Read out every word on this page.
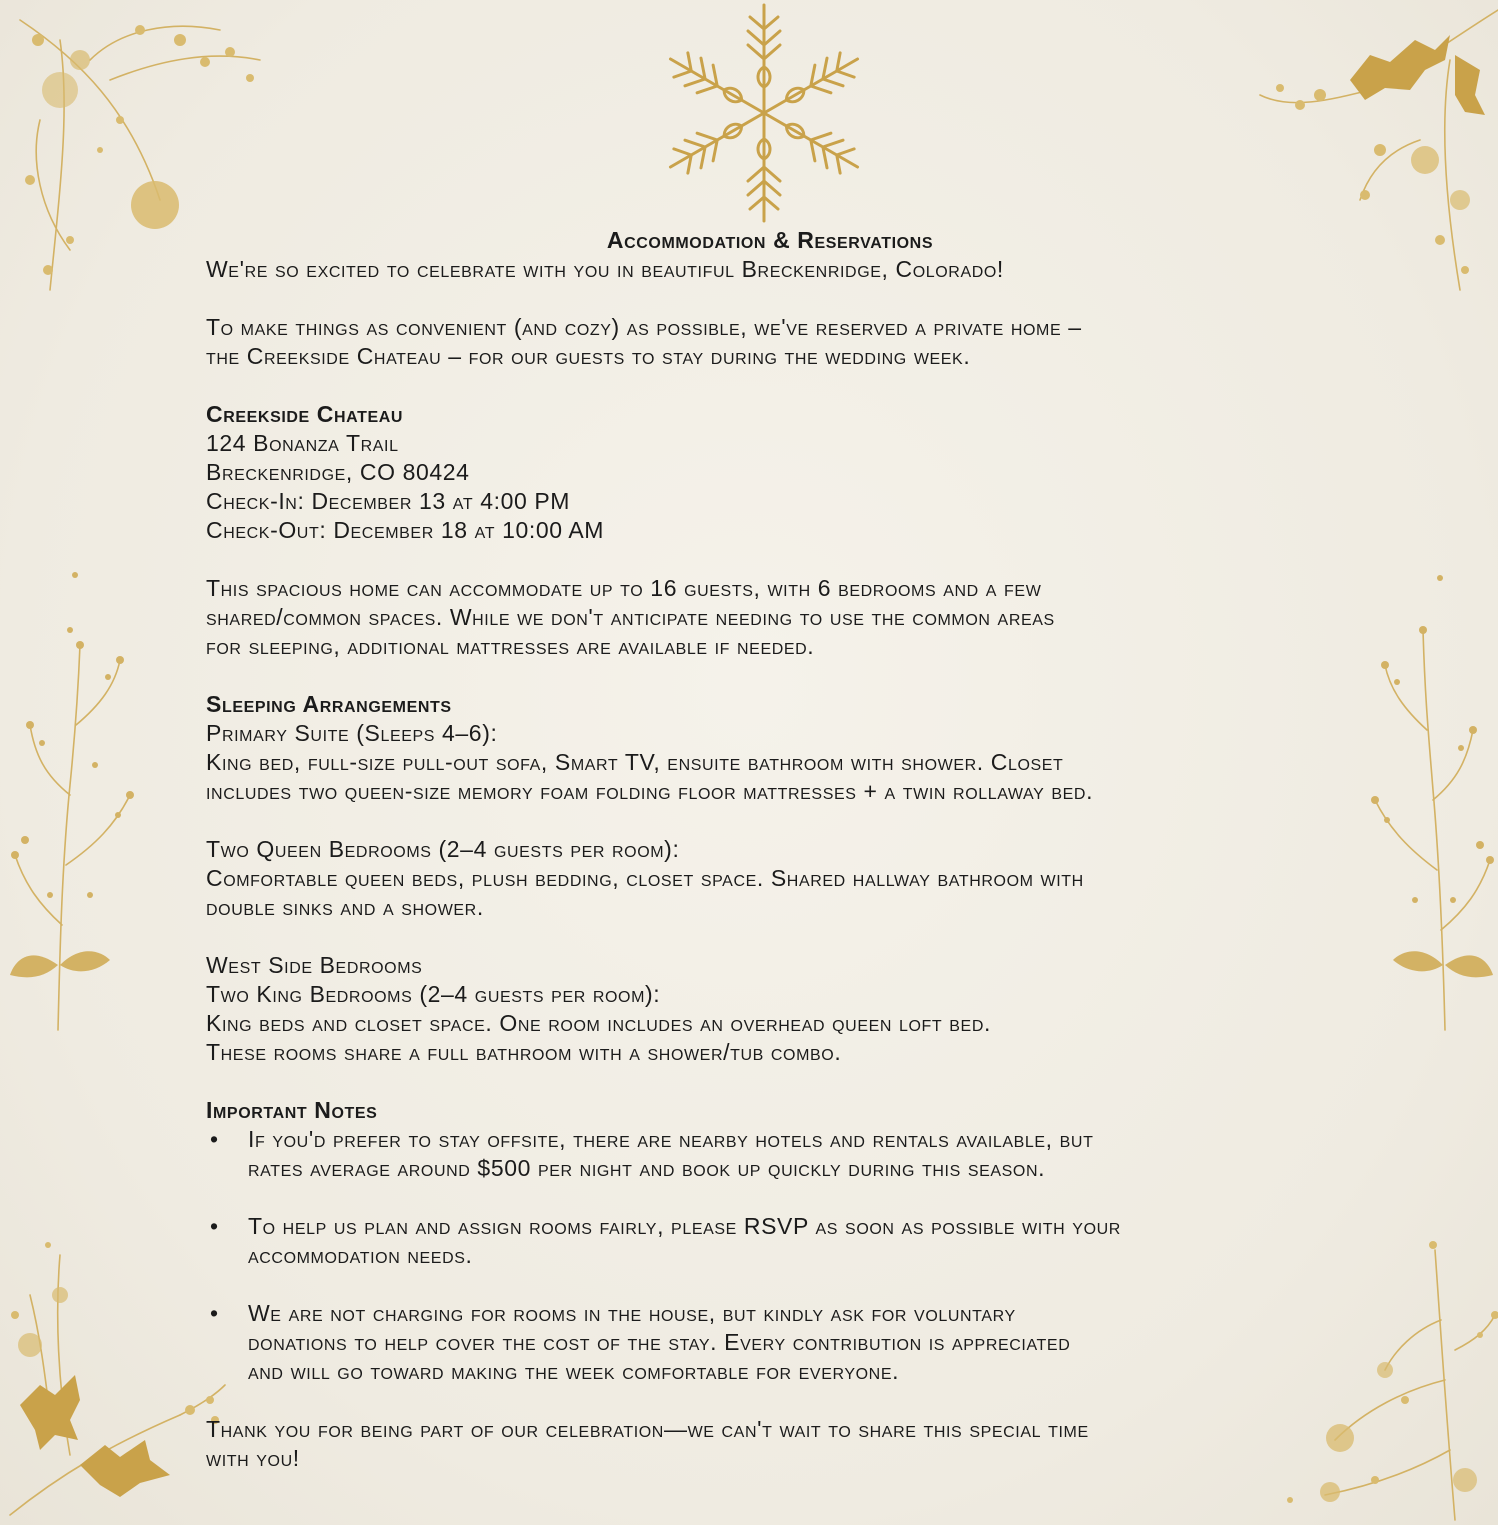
Accommodation & Reservations

We're so excited to celebrate with you in beautiful Breckenridge, Colorado!

To make things as convenient (and cozy) as possible, we've reserved a private home –

the Creekside Chateau – for our guests to stay during the wedding week.

Creekside Chateau

124 Bonanza Trail

Breckenridge, CO 80424

Check-In: December 13 at 4:00 PM

Check-Out: December 18 at 10:00 AM

This spacious home can accommodate up to 16 guests, with 6 bedrooms and a few

shared/common spaces. While we don't anticipate needing to use the common areas

for sleeping, additional mattresses are available if needed.

Sleeping Arrangements

Primary Suite (Sleeps 4–6):

King bed, full-size pull-out sofa, Smart TV, ensuite bathroom with shower. Closet

includes two queen-size memory foam folding floor mattresses + a twin rollaway bed.

Two Queen Bedrooms (2–4 guests per room):

Comfortable queen beds, plush bedding, closet space. Shared hallway bathroom with

double sinks and a shower.

West Side Bedrooms

Two King Bedrooms (2–4 guests per room):

King beds and closet space. One room includes an overhead queen loft bed.

These rooms share a full bathroom with a shower/tub combo.

Important Notes

• If you'd prefer to stay offsite, there are nearby hotels and rentals available, but

rates average around $500 per night and book up quickly during this season.

• To help us plan and assign rooms fairly, please RSVP as soon as possible with your

accommodation needs.

• We are not charging for rooms in the house, but kindly ask for voluntary

donations to help cover the cost of the stay. Every contribution is appreciated

and will go toward making the week comfortable for everyone.

Thank you for being part of our celebration—we can't wait to share this special time

with you!
